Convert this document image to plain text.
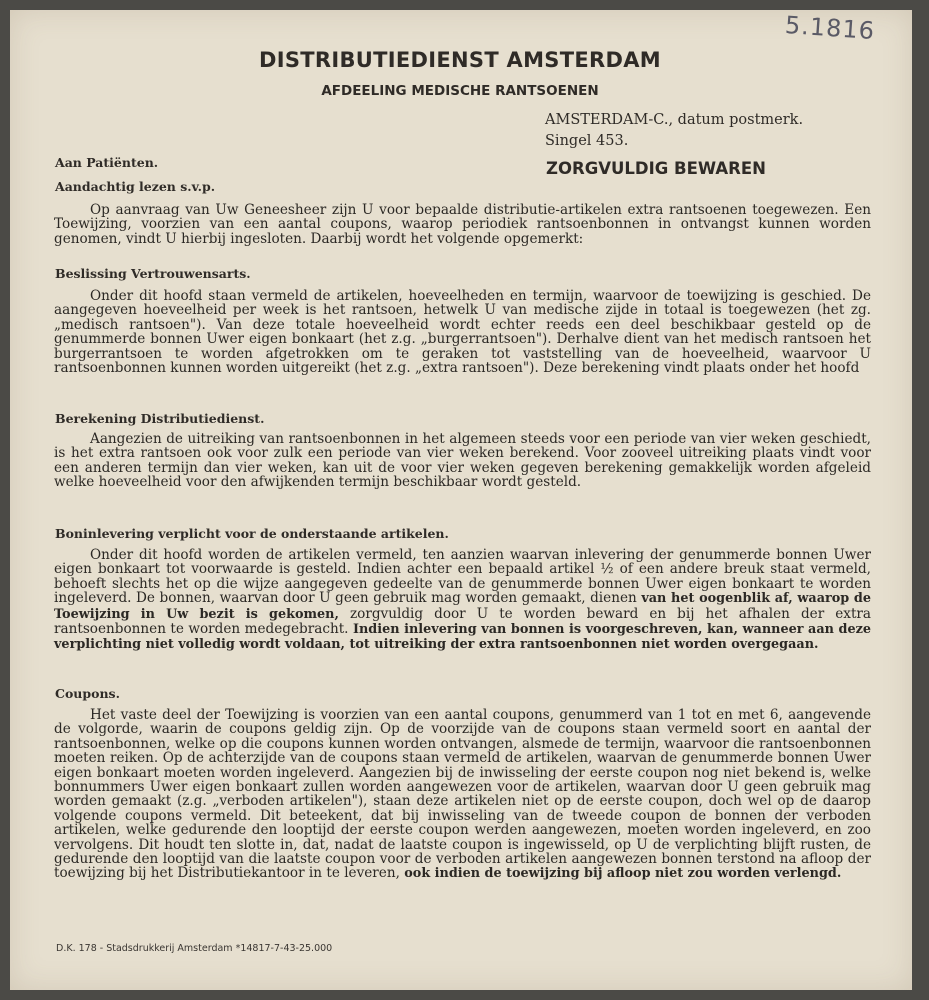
5.1816
DISTRIBUTIEDIENST AMSTERDAM
AFDEELING MEDISCHE RANTSOENEN
AMSTERDAM-C., datum postmerk.
Singel 453.
ZORGVULDIG BEWAREN
Aan Patiënten.
Aandachtig lezen s.v.p.
Op aanvraag van Uw Geneesheer zijn U voor bepaalde distributie-artikelen extra rantsoenen toegewezen. Een Toewijzing, voorzien van een aantal coupons, waarop periodiek rantsoenbonnen in ontvangst kunnen worden genomen, vindt U hierbij ingesloten. Daarbij wordt het volgende opgemerkt:
Beslissing Vertrouwensarts.
Onder dit hoofd staan vermeld de artikelen, hoeveelheden en termijn, waarvoor de toewijzing is geschied. De aangegeven hoeveelheid per week is het rantsoen, hetwelk U van medische zijde in totaal is toegewezen (het zg. „medisch rantsoen"). Van deze totale hoeveelheid wordt echter reeds een deel beschikbaar gesteld op de genummerde bonnen Uwer eigen bonkaart (het z.g. „burgerrantsoen"). Derhalve dient van het medisch rantsoen het burgerrantsoen te worden afgetrokken om te geraken tot vaststelling van de hoeveelheid, waarvoor U rantsoenbonnen kunnen worden uitgereikt (het z.g. „extra rantsoen"). Deze berekening vindt plaats onder het hoofd
Berekening Distributiedienst.
Aangezien de uitreiking van rantsoenbonnen in het algemeen steeds voor een periode van vier weken geschiedt, is het extra rantsoen ook voor zulk een periode van vier weken berekend. Voor zooveel uitreiking plaats vindt voor een anderen termijn dan vier weken, kan uit de voor vier weken gegeven berekening gemakkelijk worden afgeleid welke hoeveelheid voor den afwijkenden termijn beschikbaar wordt gesteld.
Boninlevering verplicht voor de onderstaande artikelen.
Onder dit hoofd worden de artikelen vermeld, ten aanzien waarvan inlevering der genummerde bonnen Uwer eigen bonkaart tot voorwaarde is gesteld. Indien achter een bepaald artikel ½ of een andere breuk staat vermeld, behoeft slechts het op die wijze aangegeven gedeelte van de genummerde bonnen Uwer eigen bonkaart te worden ingeleverd. De bonnen, waarvan door U geen gebruik mag worden gemaakt, dienen van het oogenblik af, waarop de Toewijzing in Uw bezit is gekomen, zorgvuldig door U te worden beward en bij het afhalen der extra rantsoenbonnen te worden medegebracht. Indien inlevering van bonnen is voorgeschreven, kan, wanneer aan deze verplichting niet volledig wordt voldaan, tot uitreiking der extra rantsoenbonnen niet worden overgegaan.
Coupons.
Het vaste deel der Toewijzing is voorzien van een aantal coupons, genummerd van 1 tot en met 6, aangevende de volgorde, waarin de coupons geldig zijn. Op de voorzijde van de coupons staan vermeld soort en aantal der rantsoenbonnen, welke op die coupons kunnen worden ontvangen, alsmede de termijn, waarvoor die rantsoenbonnen moeten reiken. Op de achterzijde van de coupons staan vermeld de artikelen, waarvan de genummerde bonnen Uwer eigen bonkaart moeten worden ingeleverd. Aangezien bij de inwisseling der eerste coupon nog niet bekend is, welke bonnummers Uwer eigen bonkaart zullen worden aangewezen voor de artikelen, waarvan door U geen gebruik mag worden gemaakt (z.g. „verboden artikelen"), staan deze artikelen niet op de eerste coupon, doch wel op de daarop volgende coupons vermeld. Dit beteekent, dat bij inwisseling van de tweede coupon de bonnen der verboden artikelen, welke gedurende den looptijd der eerste coupon werden aangewezen, moeten worden ingeleverd, en zoo vervolgens. Dit houdt ten slotte in, dat, nadat de laatste coupon is ingewisseld, op U de verplichting blijft rusten, de gedurende den looptijd van die laatste coupon voor de verboden artikelen aangewezen bonnen terstond na afloop der toewijzing bij het Distributiekantoor in te leveren, ook indien de toewijzing bij afloop niet zou worden verlengd.
D.K. 178 - Stadsdrukkerij Amsterdam *14817-7-43-25.000
